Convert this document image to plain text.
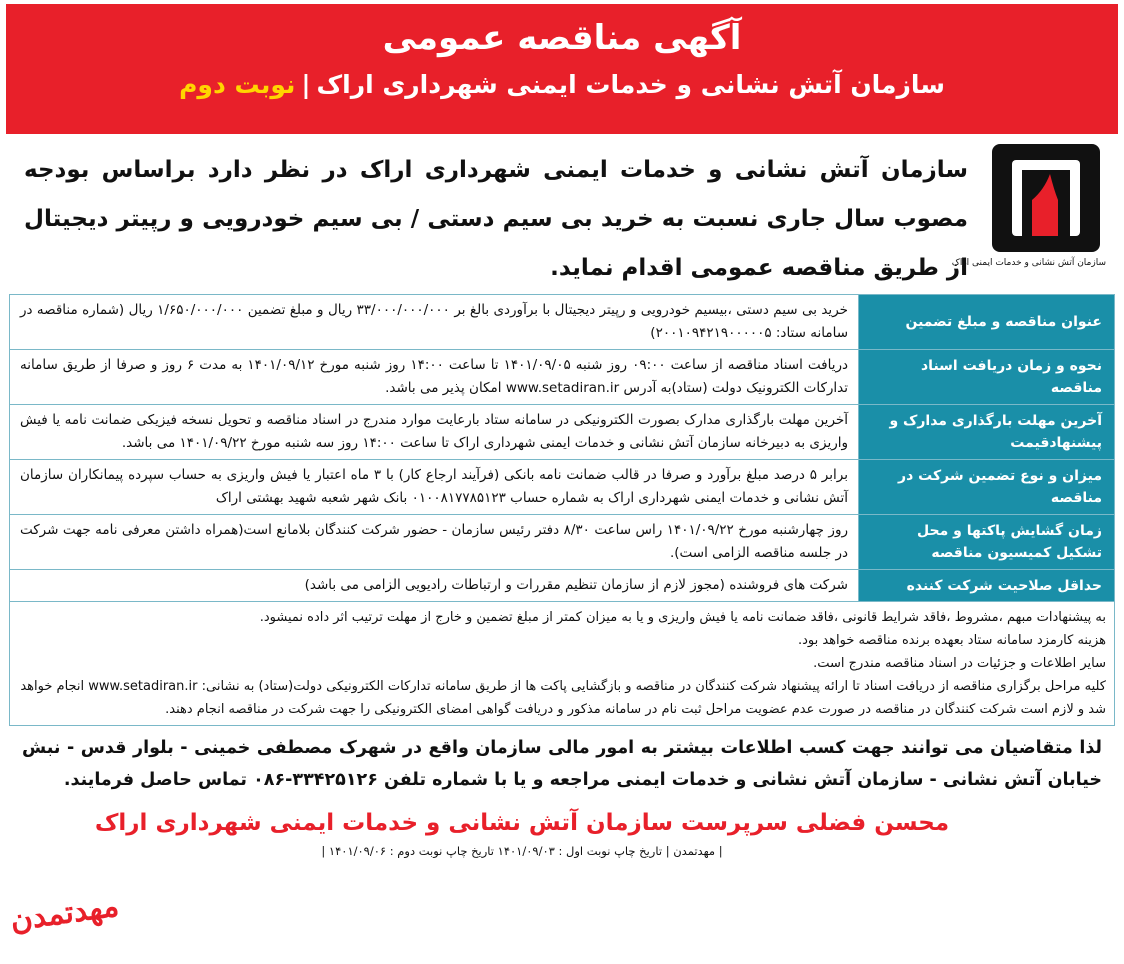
آگهی مناقصه عمومی
سازمان آتش نشانی و خدمات ایمنی شهرداری اراک|نوبت دوم
سازمان آتش نشانی و خدمات ایمنی اراک

سازمان آتش نشانی و خدمات ایمنی شهرداری اراک در نظر دارد براساس بودجه مصوب سال جاری نسبت به خرید بی سیم دستی / بی سیم خودرویی و رپیتر دیجیتال از طریق مناقصه عمومی اقدام نماید.

عنوان مناقصه و مبلغ تضمین	خرید بی سیم دستی ،بیسیم خودرویی و رپیتر دیجیتال با برآوردی بالغ بر ۳۳/۰۰۰/۰۰۰/۰۰۰ ریال و مبلغ تضمین ۱/۶۵۰/۰۰۰/۰۰۰ ریال (شماره مناقصه در سامانه ستاد: ۲۰۰۱۰۹۴۲۱۹۰۰۰۰۰۵)
نحوه و زمان دریافت اسناد مناقصه	دریافت اسناد مناقصه از ساعت ۰۹:۰۰ روز شنبه ۱۴۰۱/۰۹/۰۵ تا ساعت ۱۴:۰۰ روز شنبه مورخ ۱۴۰۱/۰۹/۱۲ به مدت ۶ روز و صرفا از طریق سامانه تدارکات الکترونیک دولت (ستاد)به آدرس www.setadiran.ir امکان پذیر می باشد.
آخرین مهلت بارگذاری مدارک و پیشنهادقیمت	آخرین مهلت بارگذاری مدارک بصورت الکترونیکی در سامانه ستاد بارعایت موارد مندرج در اسناد مناقصه و تحویل نسخه فیزیکی ضمانت نامه یا فیش واریزی به دبیرخانه سازمان آتش نشانی و خدمات ایمنی شهرداری اراک تا ساعت ۱۴:۰۰ روز سه شنبه مورخ ۱۴۰۱/۰۹/۲۲ می باشد.
میزان و نوع تضمین شرکت در مناقصه	برابر ۵ درصد مبلغ برآورد و صرفا در قالب ضمانت نامه بانکی (فرآیند ارجاع کار) با ۳ ماه اعتبار یا فیش واریزی به حساب سپرده پیمانکاران سازمان آتش نشانی و خدمات ایمنی شهرداری اراک به شماره حساب ۰۱۰۰۸۱۷۷۸۵۱۲۳ بانک شهر شعبه شهید بهشتی اراک
زمان گشایش پاکتها و محل تشکیل کمیسیون مناقصه	روز چهارشنبه مورخ ۱۴۰۱/۰۹/۲۲ راس ساعت ۸/۳۰ دفتر رئیس سازمان - حضور شرکت کنندگان بلامانع است(همراه داشتن معرفی نامه جهت شرکت در جلسه مناقصه الزامی است).
حداقل صلاحیت شرکت کننده	شرکت های فروشنده (مجوز لازم از سازمان تنظیم مقررات و ارتباطات رادیویی الزامی می باشد)
به پیشنهادات مبهم ،مشروط ،فاقد شرایط قانونی ،فاقد ضمانت نامه یا فیش واریزی و یا به میزان کمتر از مبلغ تضمین و خارج از مهلت ترتیب اثر داده نمیشود.
هزینه کارمزد سامانه ستاد بعهده برنده مناقصه خواهد بود.
سایر اطلاعات و جزئیات در اسناد مناقصه مندرج است.
کلیه مراحل برگزاری مناقصه از دریافت اسناد تا ارائه پیشنهاد شرکت کنندگان در مناقصه و بازگشایی پاکت ها از طریق سامانه تدارکات الکترونیکی دولت(ستاد) به نشانی: www.setadiran.ir انجام خواهد شد و لازم است شرکت کنندگان در مناقصه در صورت عدم عضویت مراحل ثبت نام در سامانه مذکور و دریافت گواهی امضای الکترونیکی را جهت شرکت در مناقصه انجام دهند.

لذا متقاضیان می توانند جهت کسب اطلاعات بیشتر به امور مالی سازمان واقع در شهرک مصطفی خمینی - بلوار قدس - نبش خیابان آتش نشانی - سازمان آتش نشانی و خدمات ایمنی مراجعه و یا با شماره تلفن ۳۳۴۲۵۱۲۶-۰۸۶ تماس حاصل فرمایند.

محسن فضلی سرپرست سازمان آتش نشانی و خدمات ایمنی شهرداری اراک
| مهدتمدن | تاریخ چاپ نوبت اول : ۱۴۰۱/۰۹/۰۳ تاریخ چاپ نوبت دوم : ۱۴۰۱/۰۹/۰۶ |
مهدتمدن
